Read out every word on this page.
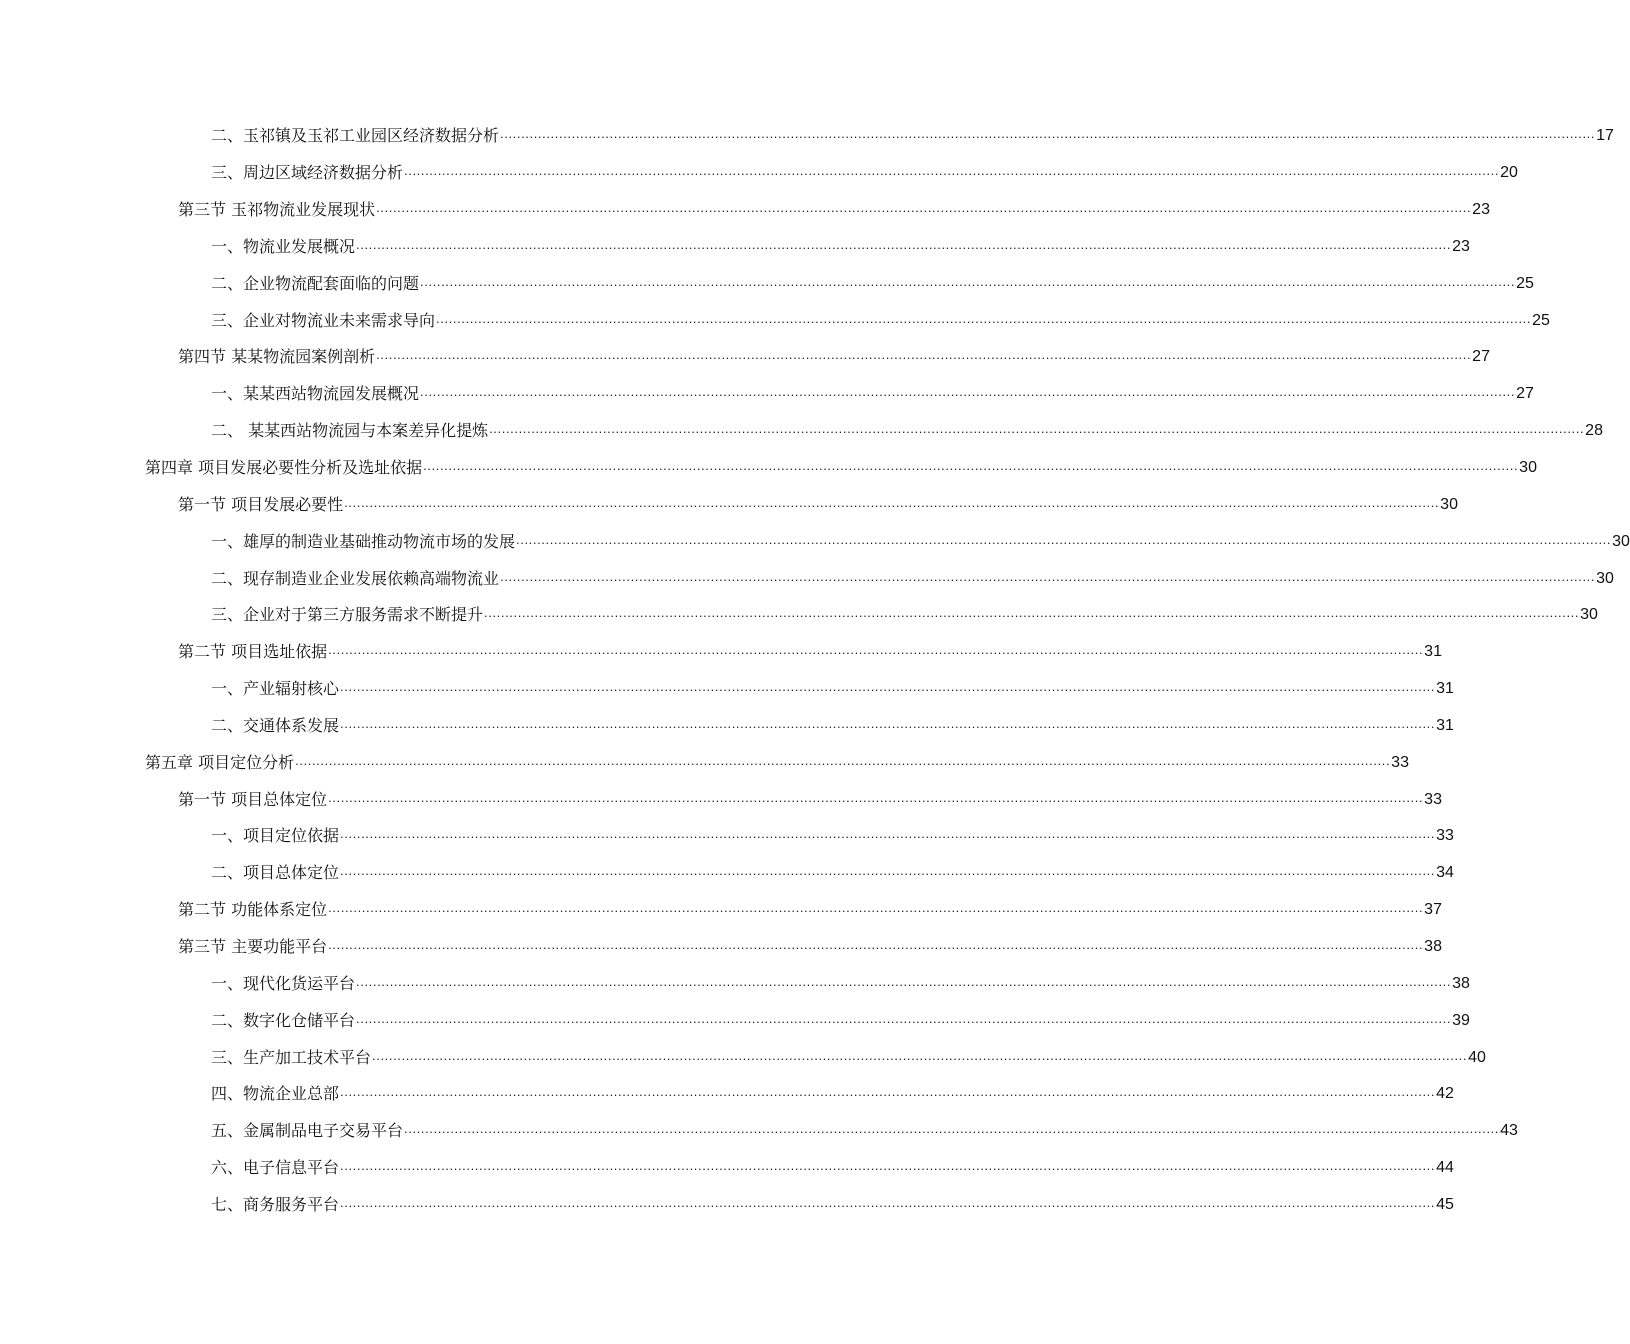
二、玉祁镇及玉祁工业园区经济数据分析 .................................................................................................................................................................................................................................................................... 17
三、周边区域经济数据分析 .................................................................................................................................................................................................................................................................... 20
第三节 玉祁物流业发展现状 .................................................................................................................................................................................................................................................................... 23
一、物流业发展概况 .................................................................................................................................................................................................................................................................... 23
二、企业物流配套面临的问题 .................................................................................................................................................................................................................................................................... 25
三、企业对物流业未来需求导向 .................................................................................................................................................................................................................................................................... 25
第四节 某某物流园案例剖析 .................................................................................................................................................................................................................................................................... 27
一、某某西站物流园发展概况 .................................................................................................................................................................................................................................................................... 27
二、 某某西站物流园与本案差异化提炼 .................................................................................................................................................................................................................................................................... 28
第四章 项目发展必要性分析及选址依据 .................................................................................................................................................................................................................................................................... 30
第一节 项目发展必要性 .................................................................................................................................................................................................................................................................... 30
一、雄厚的制造业基础推动物流市场的发展 .................................................................................................................................................................................................................................................................... 30
二、现存制造业企业发展依赖高端物流业 .................................................................................................................................................................................................................................................................... 30
三、企业对于第三方服务需求不断提升 .................................................................................................................................................................................................................................................................... 30
第二节 项目选址依据 .................................................................................................................................................................................................................................................................... 31
一、产业辐射核心 .................................................................................................................................................................................................................................................................... 31
二、交通体系发展 .................................................................................................................................................................................................................................................................... 31
第五章 项目定位分析 .................................................................................................................................................................................................................................................................... 33
第一节 项目总体定位 .................................................................................................................................................................................................................................................................... 33
一、项目定位依据 .................................................................................................................................................................................................................................................................... 33
二、项目总体定位 .................................................................................................................................................................................................................................................................... 34
第二节 功能体系定位 .................................................................................................................................................................................................................................................................... 37
第三节 主要功能平台 .................................................................................................................................................................................................................................................................... 38
一、现代化货运平台 .................................................................................................................................................................................................................................................................... 38
二、数字化仓储平台 .................................................................................................................................................................................................................................................................... 39
三、生产加工技术平台 .................................................................................................................................................................................................................................................................... 40
四、物流企业总部 .................................................................................................................................................................................................................................................................... 42
五、金属制品电子交易平台 .................................................................................................................................................................................................................................................................... 43
六、电子信息平台 .................................................................................................................................................................................................................................................................... 44
七、商务服务平台 .................................................................................................................................................................................................................................................................... 45
